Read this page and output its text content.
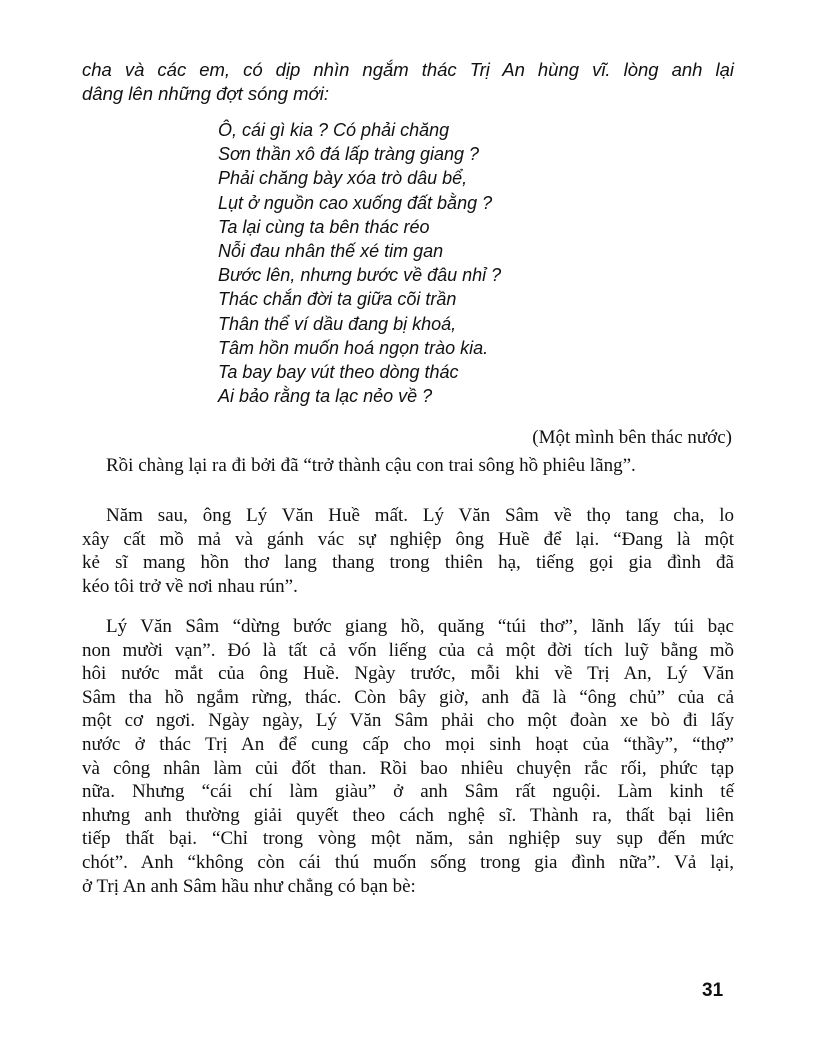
cha và các em, có dịp nhìn ngắm thác Trị An hùng vĩ. lòng anh lại
dâng lên những đợt sóng mới:
Ô, cái gì kia ? Có phải chăng
Sơn thần xô đá lấp tràng giang ?
Phải chăng bày xóa trò dâu bể,
Lụt ở nguồn cao xuống đất bằng ?
Ta lại cùng ta bên thác réo
Nỗi đau nhân thế xé tim gan
Bước lên, nhưng bước về đâu nhỉ ?
Thác chắn đời ta giữa cõi trần
Thân thể ví dầu đang bị khoá,
Tâm hồn muốn hoá ngọn trào kia.
Ta bay bay vút theo dòng thác
Ai bảo rằng ta lạc nẻo về ?
(Một mình bên thác nước)
Rồi chàng lại ra đi bởi đã “trở thành cậu con trai sông hồ phiêu lãng”.
Năm sau, ông Lý Văn Huề mất. Lý Văn Sâm về thọ tang cha, lo
xây cất mồ mả và gánh vác sự nghiệp ông Huề để lại. “Đang là một
kẻ sĩ mang hồn thơ lang thang trong thiên hạ, tiếng gọi gia đình đã
kéo tôi trở về nơi nhau rún”.
Lý Văn Sâm “dừng bước giang hồ, quăng “túi thơ”, lãnh lấy túi bạc
non mười vạn”. Đó là tất cả vốn liếng của cả một đời tích luỹ bằng mồ
hôi nước mắt của ông Huề. Ngày trước, mỗi khi về Trị An, Lý Văn
Sâm tha hồ ngắm rừng, thác. Còn bây giờ, anh đã là “ông chủ” của cả
một cơ ngơi. Ngày ngày, Lý Văn Sâm phải cho một đoàn xe bò đi lấy
nước ở thác Trị An để cung cấp cho mọi sinh hoạt của “thầy”, “thợ”
và công nhân làm củi đốt than. Rồi bao nhiêu chuyện rắc rối, phức tạp
nữa. Nhưng “cái chí làm giàu” ở anh Sâm rất nguội. Làm kinh tế
nhưng anh thường giải quyết theo cách nghệ sĩ. Thành ra, thất bại liên
tiếp thất bại. “Chỉ trong vòng một năm, sản nghiệp suy sụp đến mức
chót”. Anh “không còn cái thú muốn sống trong gia đình nữa”. Vả lại,
ở Trị An anh Sâm hầu như chẳng có bạn bè:
31
